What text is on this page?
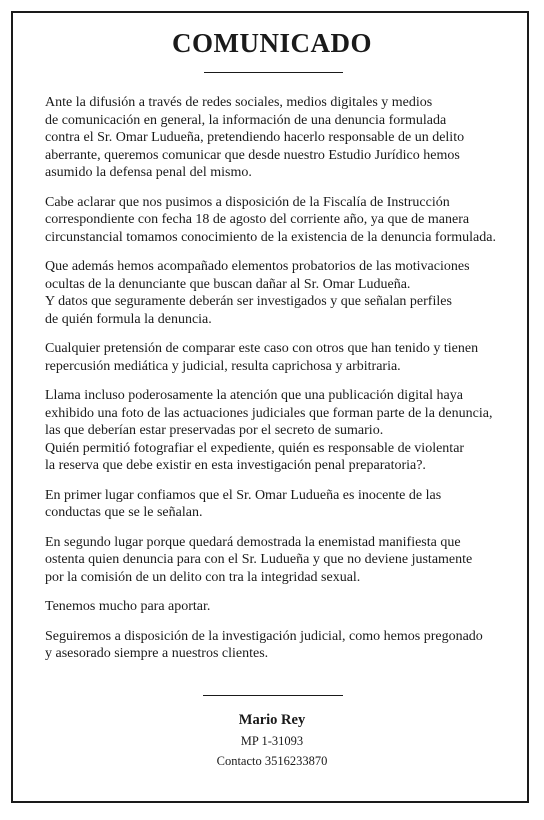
COMUNICADO

Ante la difusión a través de redes sociales, medios digitales y medios
de comunicación en general, la información de una denuncia formulada
contra el Sr. Omar Ludueña, pretendiendo hacerlo responsable de un delito
aberrante, queremos comunicar que desde nuestro Estudio Jurídico hemos
asumido la defensa penal del mismo.

Cabe aclarar que nos pusimos a disposición de la Fiscalía de Instrucción
correspondiente con fecha 18 de agosto del corriente año, ya que de manera
circunstancial tomamos conocimiento de la existencia de la denuncia formulada.

Que además hemos acompañado elementos probatorios de las motivaciones
ocultas de la denunciante que buscan dañar al Sr. Omar Ludueña.
Y datos que seguramente deberán ser investigados y que señalan perfiles
de quién formula la denuncia.

Cualquier pretensión de comparar este caso con otros que han tenido y tienen
repercusión mediática y judicial, resulta caprichosa y arbitraria.

Llama incluso poderosamente la atención que una publicación digital haya
exhibido una foto de las actuaciones judiciales que forman parte de la denuncia,
las que deberían estar preservadas por el secreto de sumario.
Quién permitió fotografiar el expediente, quién es responsable de violentar
la reserva que debe existir en esta investigación penal preparatoria?.

En primer lugar confiamos que el Sr. Omar Ludueña es inocente de las
conductas que se le señalan.

En segundo lugar porque quedará demostrada la enemistad manifiesta que
ostenta quien denuncia para con el Sr. Ludueña y que no deviene justamente
por la comisión de un delito con tra la integridad sexual.

Tenemos mucho para aportar.

Seguiremos a disposición de la investigación judicial, como hemos pregonado
y asesorado siempre a nuestros clientes.

Mario Rey
MP 1-31093
Contacto 3516233870
